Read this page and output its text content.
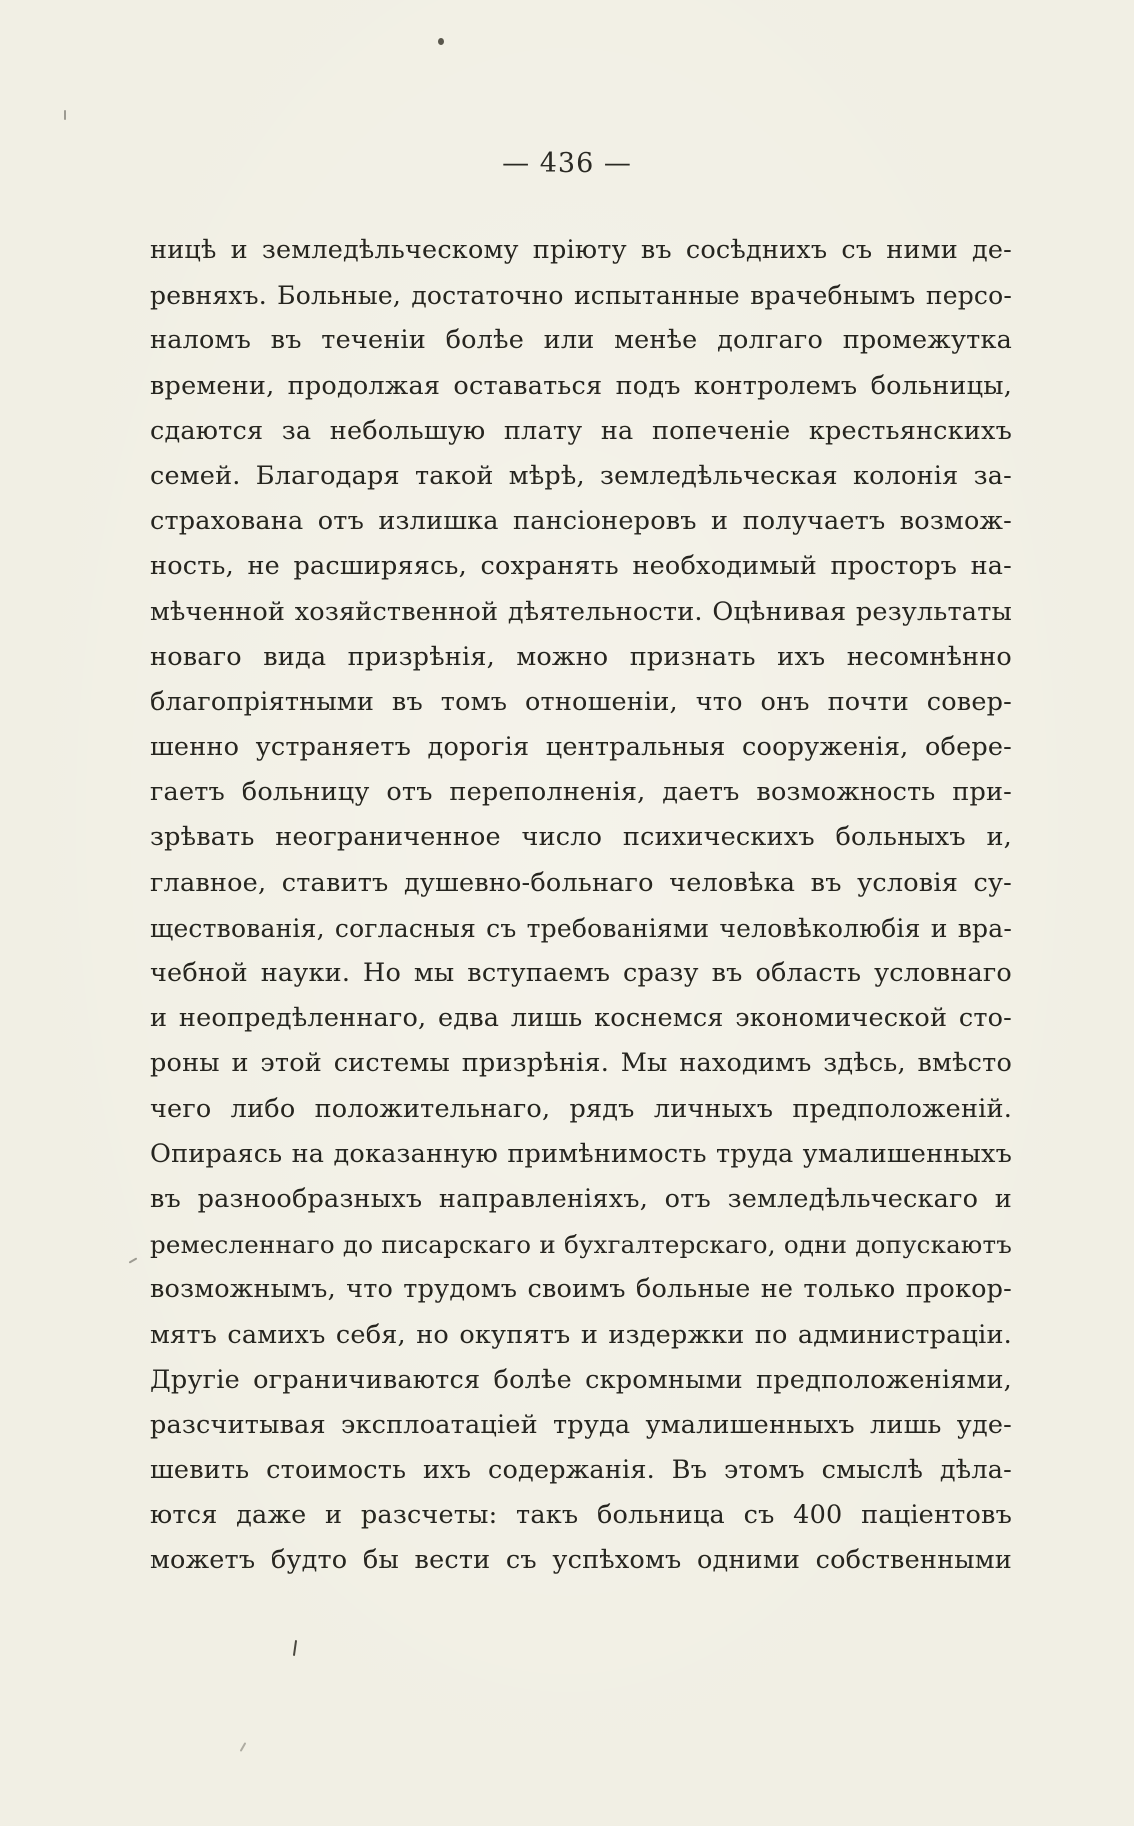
— 436 —
ницѣ и земледѣльческому прiюту въ сосѣднихъ съ ними де-
ревняхъ. Больные, достаточно испытанные врачебнымъ персо-
наломъ въ теченiи болѣе или менѣе долгаго промежутка
времени, продолжая оставаться подъ контролемъ больницы,
сдаются за небольшую плату на попеченiе крестьянскихъ
семей. Благодаря такой мѣрѣ, земледѣльческая колонiя за-
страхована отъ излишка пансiонеровъ и получаетъ возмож-
ность, не расширяясь, сохранять необходимый просторъ на-
мѣченной хозяйственной дѣятельности. Оцѣнивая результаты
новаго вида призрѣнiя, можно признать ихъ несомнѣнно
благопрiятными въ томъ отношенiи, что онъ почти совер-
шенно устраняетъ дорогiя центральныя сооруженiя, обере-
гаетъ больницу отъ переполненiя, даетъ возможность при-
зрѣвать неограниченное число психическихъ больныхъ и,
главное, ставитъ душевно-больнаго человѣка въ условiя су-
ществованiя, согласныя съ требованiями человѣколюбiя и вра-
чебной науки. Но мы вступаемъ сразу въ область условнаго
и неопредѣленнаго, едва лишь коснемся экономической сто-
роны и этой системы призрѣнiя. Мы находимъ здѣсь, вмѣсто
чего либо положительнаго, рядъ личныхъ предположенiй.
Опираясь на доказанную примѣнимость труда умалишенныхъ
въ разнообразныхъ направленiяхъ, отъ земледѣльческаго и
ремесленнаго до писарскаго и бухгалтерскаго, одни допускаютъ
возможнымъ, что трудомъ своимъ больные не только прокор-
мятъ самихъ себя, но окупятъ и издержки по администрацiи.
Другiе ограничиваются болѣе скромными предположенiями,
разсчитывая эксплоатацiей труда умалишенныхъ лишь уде-
шевить стоимость ихъ содержанiя. Въ этомъ смыслѣ дѣла-
ются даже и разсчеты: такъ больница съ 400 пацiентовъ
можетъ будто бы вести съ успѣхомъ одними собственными
